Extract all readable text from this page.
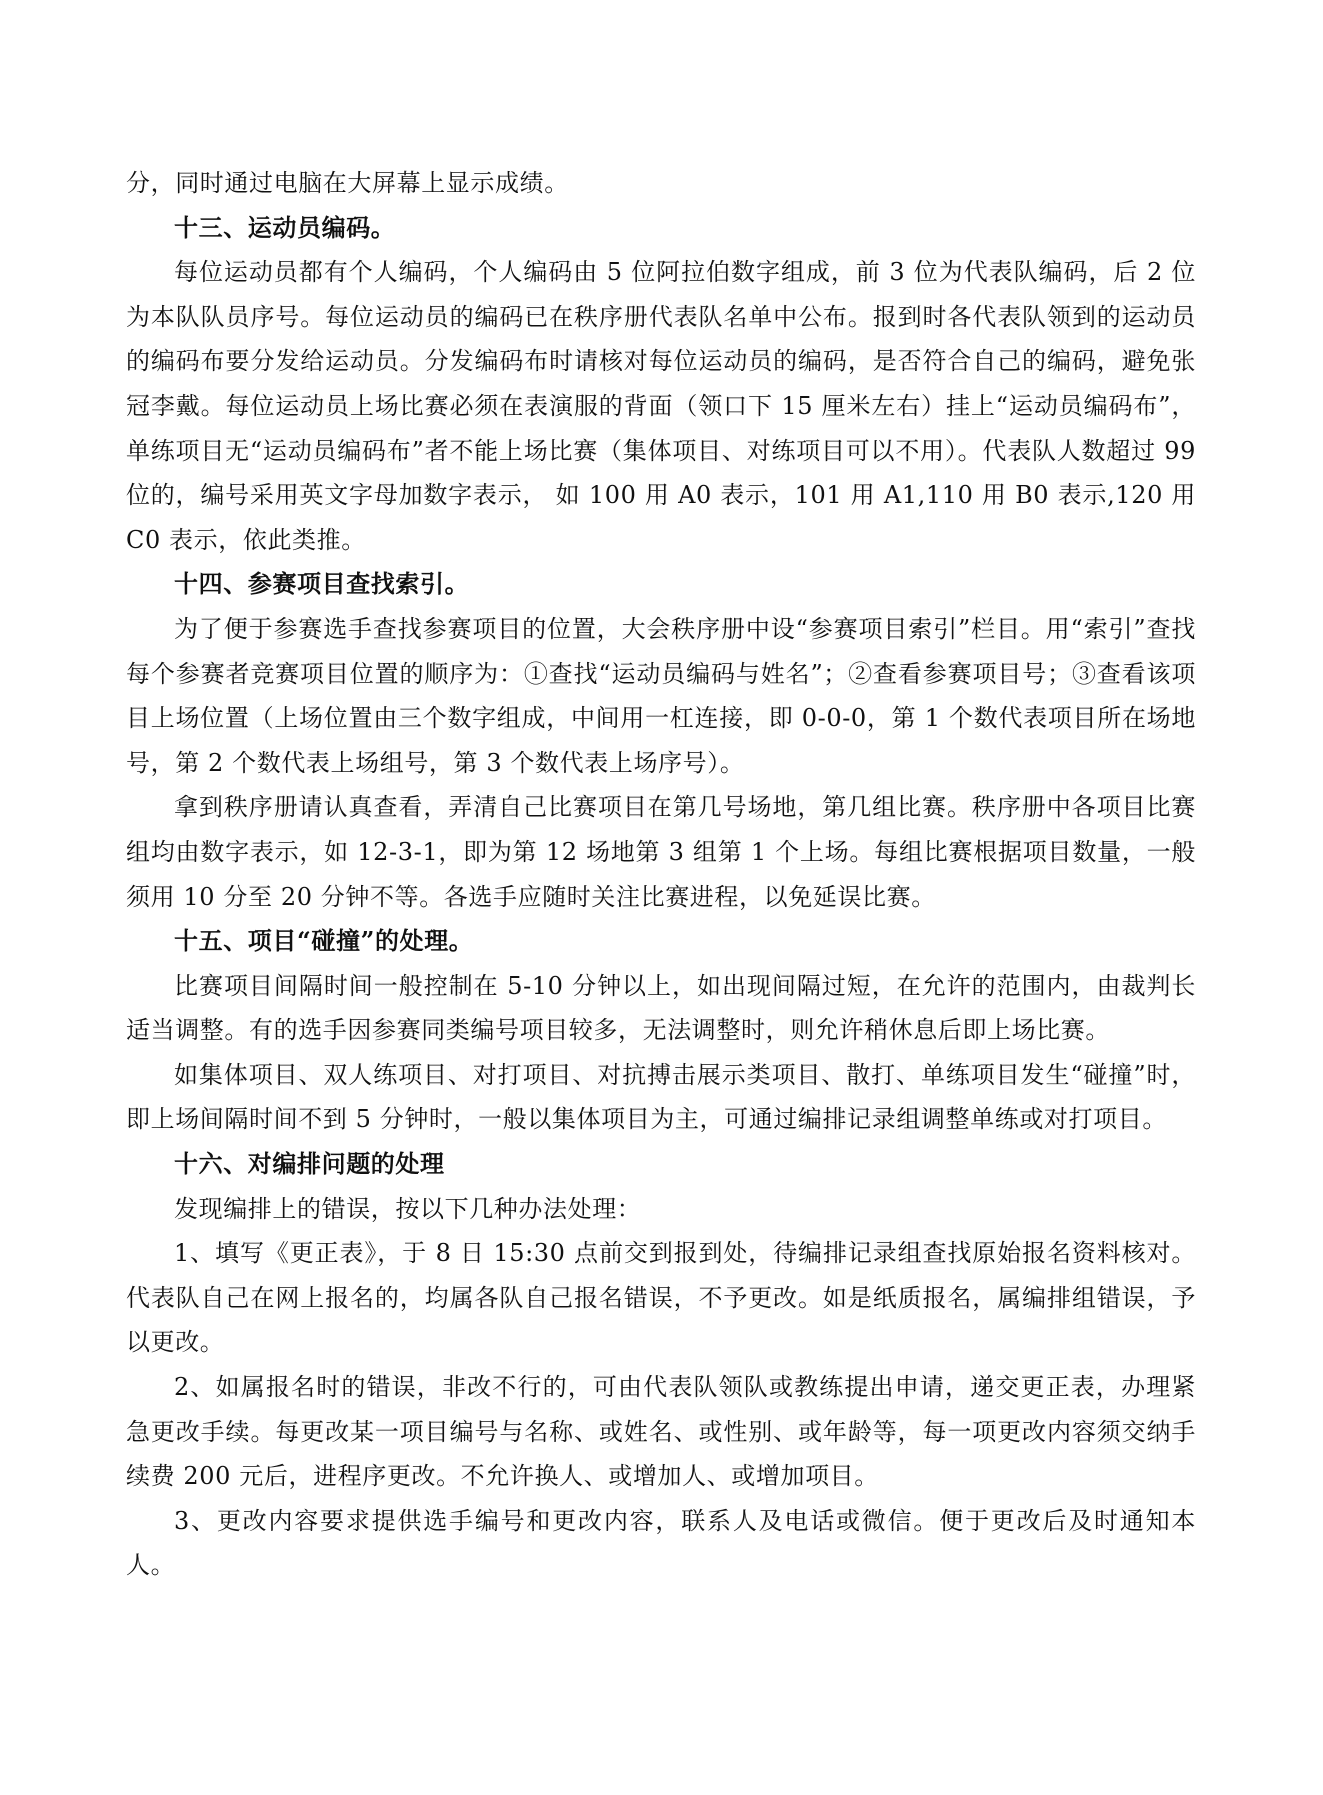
分，同时通过电脑在大屏幕上显示成绩。

十三、运动员编码。

每位运动员都有个人编码，个人编码由 5 位阿拉伯数字组成，前 3 位为代表队编码，后 2 位为本队队员序号。每位运动员的编码已在秩序册代表队名单中公布。报到时各代表队领到的运动员的编码布要分发给运动员。分发编码布时请核对每位运动员的编码，是否符合自己的编码，避免张冠李戴。每位运动员上场比赛必须在表演服的背面（领口下 15 厘米左右）挂上“运动员编码布”，单练项目无“运动员编码布”者不能上场比赛（集体项目、对练项目可以不用）。代表队人数超过 99 位的，编号采用英文字母加数字表示， 如 100 用 A0 表示，101 用 A1,110 用 B0 表示,120 用 C0 表示，依此类推。

十四、参赛项目查找索引。

为了便于参赛选手查找参赛项目的位置，大会秩序册中设“参赛项目索引”栏目。用“索引”查找每个参赛者竞赛项目位置的顺序为：①查找“运动员编码与姓名”；②查看参赛项目号；③查看该项目上场位置（上场位置由三个数字组成，中间用一杠连接，即 0-0-0，第 1 个数代表项目所在场地号，第 2 个数代表上场组号，第 3 个数代表上场序号）。

拿到秩序册请认真查看，弄清自己比赛项目在第几号场地，第几组比赛。秩序册中各项目比赛组均由数字表示，如 12-3-1，即为第 12 场地第 3 组第 1 个上场。每组比赛根据项目数量，一般须用 10 分至 20 分钟不等。各选手应随时关注比赛进程，以免延误比赛。

十五、项目“碰撞”的处理。

比赛项目间隔时间一般控制在 5-10 分钟以上，如出现间隔过短，在允许的范围内，由裁判长适当调整。有的选手因参赛同类编号项目较多，无法调整时，则允许稍休息后即上场比赛。

如集体项目、双人练项目、对打项目、对抗搏击展示类项目、散打、单练项目发生“碰撞”时，即上场间隔时间不到 5 分钟时，一般以集体项目为主，可通过编排记录组调整单练或对打项目。

十六、对编排问题的处理

发现编排上的错误，按以下几种办法处理：

1、填写《更正表》，于 8 日 15:30 点前交到报到处，待编排记录组查找原始报名资料核对。代表队自己在网上报名的，均属各队自己报名错误，不予更改。如是纸质报名，属编排组错误，予以更改。

2、如属报名时的错误，非改不行的，可由代表队领队或教练提出申请，递交更正表，办理紧急更改手续。每更改某一项目编号与名称、或姓名、或性别、或年龄等，每一项更改内容须交纳手续费 200 元后，进程序更改。不允许换人、或增加人、或增加项目。

3、更改内容要求提供选手编号和更改内容，联系人及电话或微信。便于更改后及时通知本人。
